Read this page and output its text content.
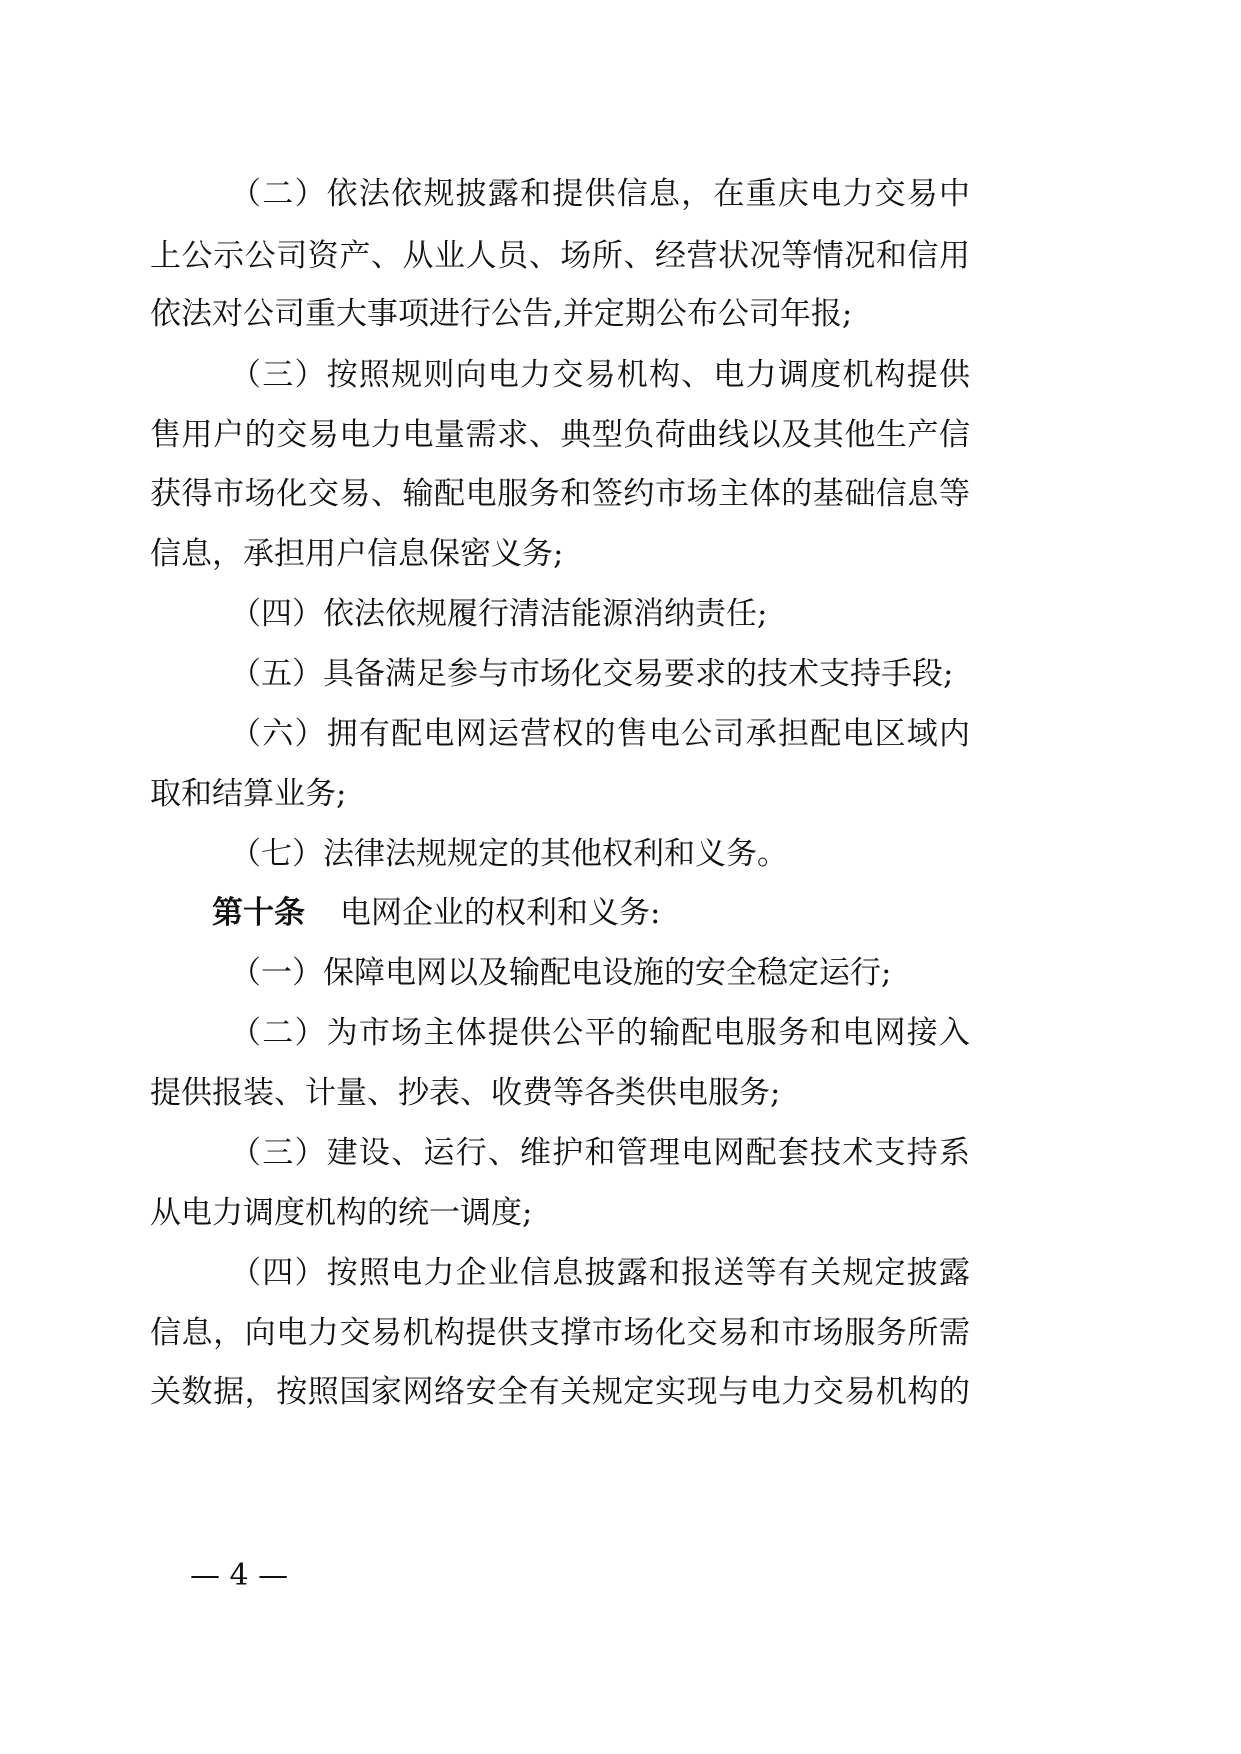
（二）依法依规披露和提供信息，在重庆电力交易中
上公示公司资产、从业人员、场所、经营状况等情况和信用
依法对公司重大事项进行公告,并定期公布公司年报;
（三）按照规则向电力交易机构、电力调度机构提供
售用户的交易电力电量需求、典型负荷曲线以及其他生产信
获得市场化交易、输配电服务和签约市场主体的基础信息等
信息，承担用户信息保密义务;
（四）依法依规履行清洁能源消纳责任;
（五）具备满足参与市场化交易要求的技术支持手段;
（六）拥有配电网运营权的售电公司承担配电区域内
取和结算业务;
（七）法律法规规定的其他权利和义务。
第十条 电网企业的权利和义务:
（一）保障电网以及输配电设施的安全稳定运行;
（二）为市场主体提供公平的输配电服务和电网接入
提供报装、计量、抄表、收费等各类供电服务;
（三）建设、运行、维护和管理电网配套技术支持系
从电力调度机构的统一调度;
（四）按照电力企业信息披露和报送等有关规定披露
信息，向电力交易机构提供支撑市场化交易和市场服务所需
关数据，按照国家网络安全有关规定实现与电力交易机构的
— 4 —
